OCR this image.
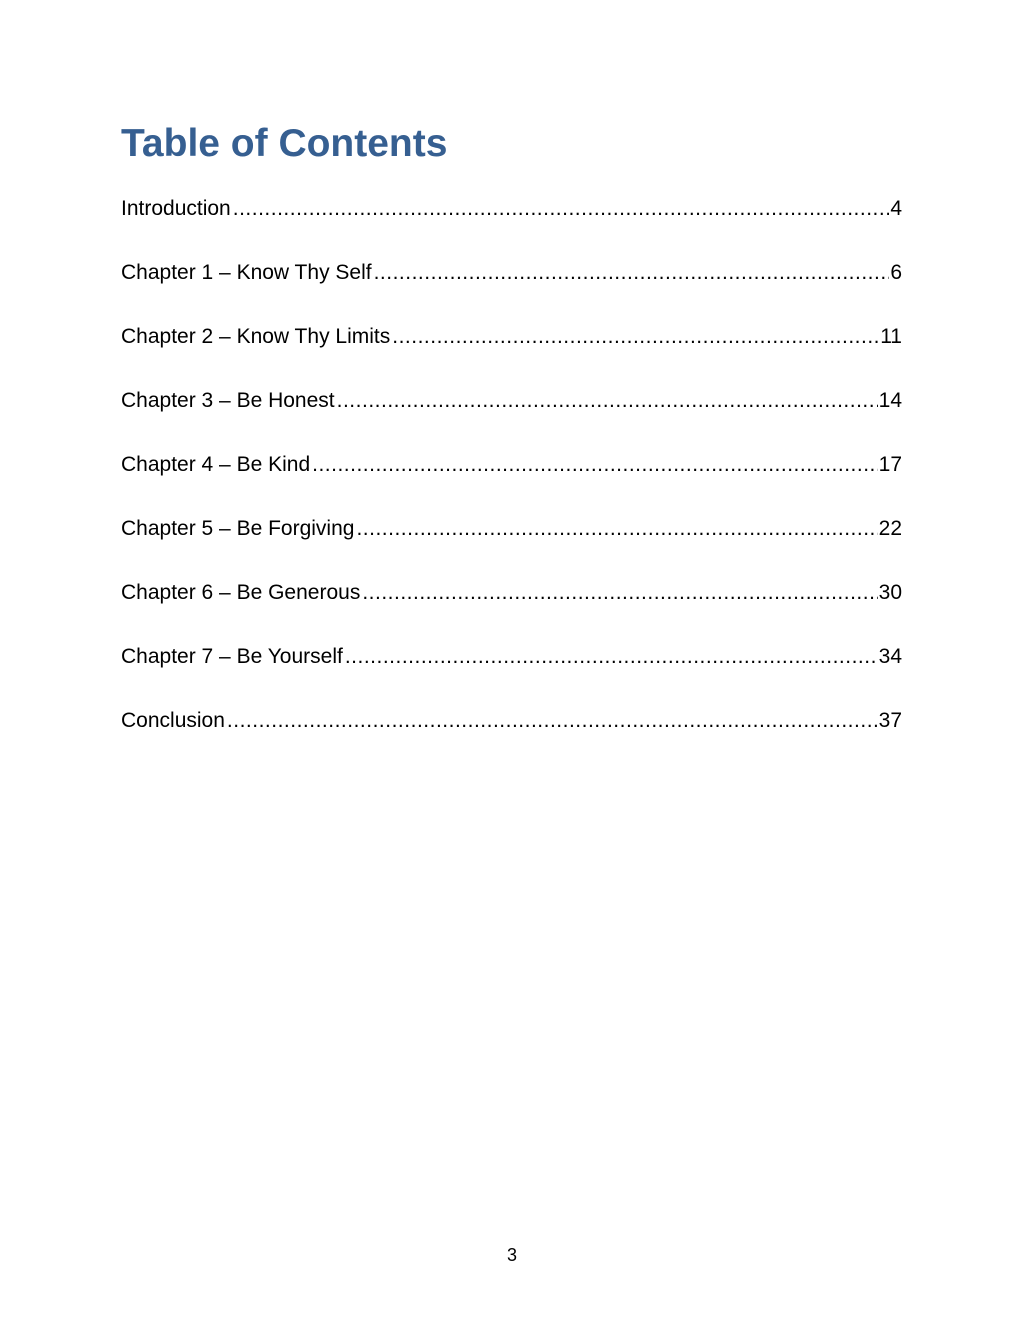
Table of Contents
Introduction .....	4
Chapter 1 – Know Thy Self .....	6
Chapter 2 – Know Thy Limits .....	11
Chapter 3 – Be Honest .....	14
Chapter 4 – Be Kind .....	17
Chapter 5 – Be Forgiving .....	22
Chapter 6 – Be Generous .....	30
Chapter 7 – Be Yourself .....	34
Conclusion .....	37
3
